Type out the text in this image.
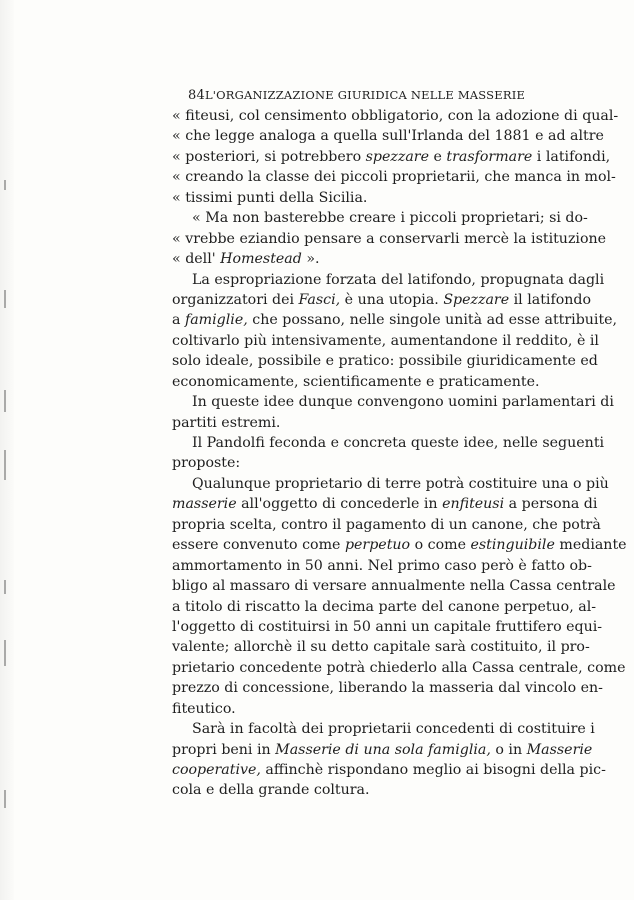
84 L'ORGANIZZAZIONE GIURIDICA NELLE MASSERIE
« fiteusi, col censimento obbligatorio, con la adozione di qual-
« che legge analoga a quella sull'Irlanda del 1881 e ad altre
« posteriori, si potrebbero spezzare e trasformare i latifondi,
« creando la classe dei piccoli proprietarii, che manca in mol-
« tissimi punti della Sicilia.
« Ma non basterebbe creare i piccoli proprietari; si do-
« vrebbe eziandio pensare a conservarli mercè la istituzione
« dell' Homestead ».
La espropriazione forzata del latifondo, propugnata dagli
organizzatori dei Fasci, è una utopia. Spezzare il latifondo
a famiglie, che possano, nelle singole unità ad esse attribuite,
coltivarlo più intensivamente, aumentandone il reddito, è il
solo ideale, possibile e pratico: possibile giuridicamente ed
economicamente, scientificamente e praticamente.
In queste idee dunque convengono uomini parlamentari di
partiti estremi.
Il Pandolfi feconda e concreta queste idee, nelle seguenti
proposte:
Qualunque proprietario di terre potrà costituire una o più
masserie all'oggetto di concederle in enfiteusi a persona di
propria scelta, contro il pagamento di un canone, che potrà
essere convenuto come perpetuo o come estinguibile mediante
ammortamento in 50 anni. Nel primo caso però è fatto ob-
bligo al massaro di versare annualmente nella Cassa centrale
a titolo di riscatto la decima parte del canone perpetuo, al-
l'oggetto di costituirsi in 50 anni un capitale fruttifero equi-
valente; allorchè il su detto capitale sarà costituito, il pro-
prietario concedente potrà chiederlo alla Cassa centrale, come
prezzo di concessione, liberando la masseria dal vincolo en-
fiteutico.
Sarà in facoltà dei proprietarii concedenti di costituire i
propri beni in Masserie di una sola famiglia, o in Masserie
cooperative, affinchè rispondano meglio ai bisogni della pic-
cola e della grande coltura.
